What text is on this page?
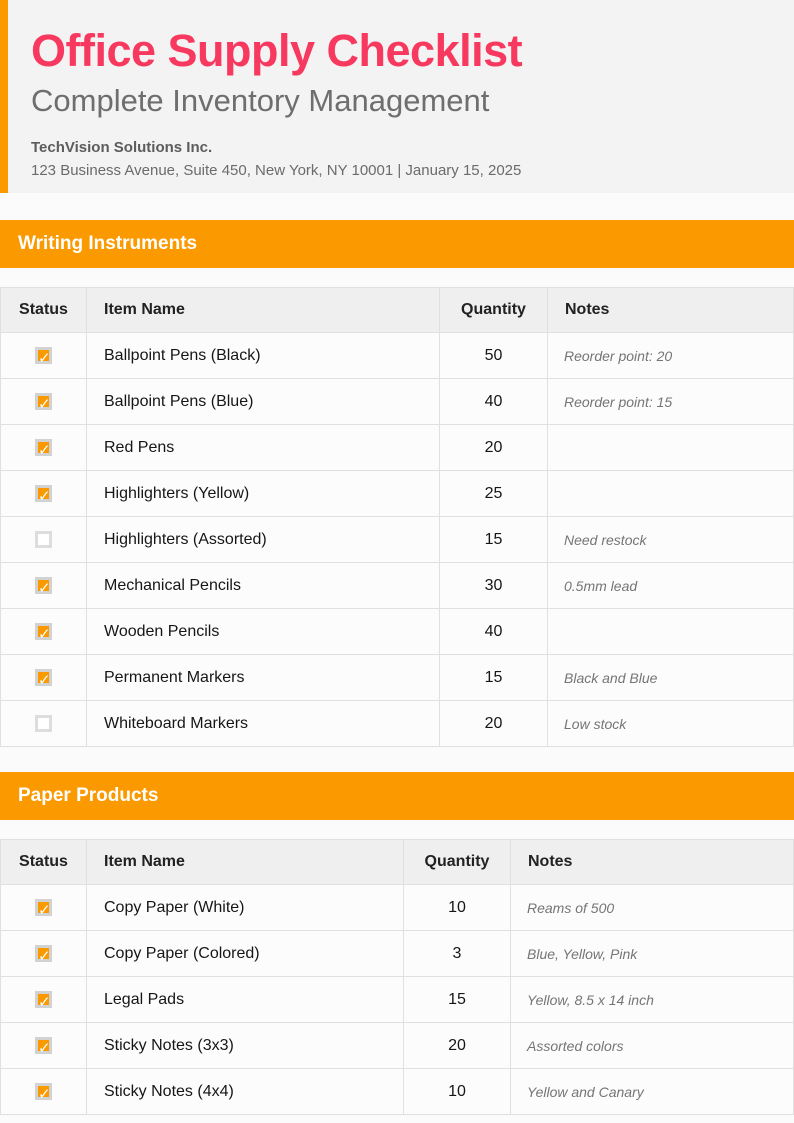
Office Supply Checklist
Complete Inventory Management
TechVision Solutions Inc.
123 Business Avenue, Suite 450, New York, NY 10001 | January 15, 2025
Writing Instruments
Status	Item Name	Quantity	Notes
✓	Ballpoint Pens (Black)	50	Reorder point: 20
✓	Ballpoint Pens (Blue)	40	Reorder point: 15
✓	Red Pens	20	
✓	Highlighters (Yellow)	25	
	Highlighters (Assorted)	15	Need restock
✓	Mechanical Pencils	30	0.5mm lead
✓	Wooden Pencils	40	
✓	Permanent Markers	15	Black and Blue
	Whiteboard Markers	20	Low stock
Paper Products
Status	Item Name	Quantity	Notes
✓	Copy Paper (White)	10	Reams of 500
✓	Copy Paper (Colored)	3	Blue, Yellow, Pink
✓	Legal Pads	15	Yellow, 8.5 x 14 inch
✓	Sticky Notes (3x3)	20	Assorted colors
✓	Sticky Notes (4x4)	10	Yellow and Canary
